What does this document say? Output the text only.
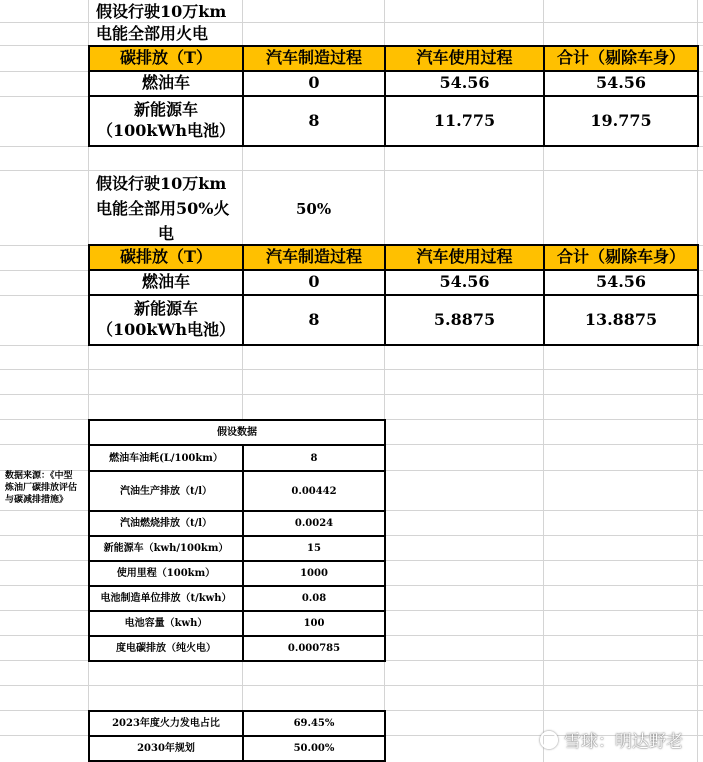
假设行驶10万km
电能全部用火电
碳排放（T）	汽车制造过程	汽车使用过程	合计（剔除车身）
燃油车	0	54.56	54.56
新能源车
（100kWh电池）
8	11.775	19.775
假设行驶10万km
电能全部用50%火
电
50%
碳排放（T）	汽车制造过程	汽车使用过程	合计（剔除车身）
燃油车	0	54.56	54.56
新能源车
（100kWh电池）
8	5.8875	13.8875
数据来源：《中型
炼油厂碳排放评估
与碳减排措施》
假设数据
燃油车油耗(L/100km）	8
汽油生产排放（t/l）	0.00442
汽油燃烧排放（t/l）	0.0024
新能源车（kwh/100km）	15
使用里程（100km）	1000
电池制造单位排放（t/kwh）	0.08
电池容量（kwh）	100
度电碳排放（纯火电）	0.000785
2023年度火力发电占比	69.45%
2030年规划	50.00%	雪球：明达野老
